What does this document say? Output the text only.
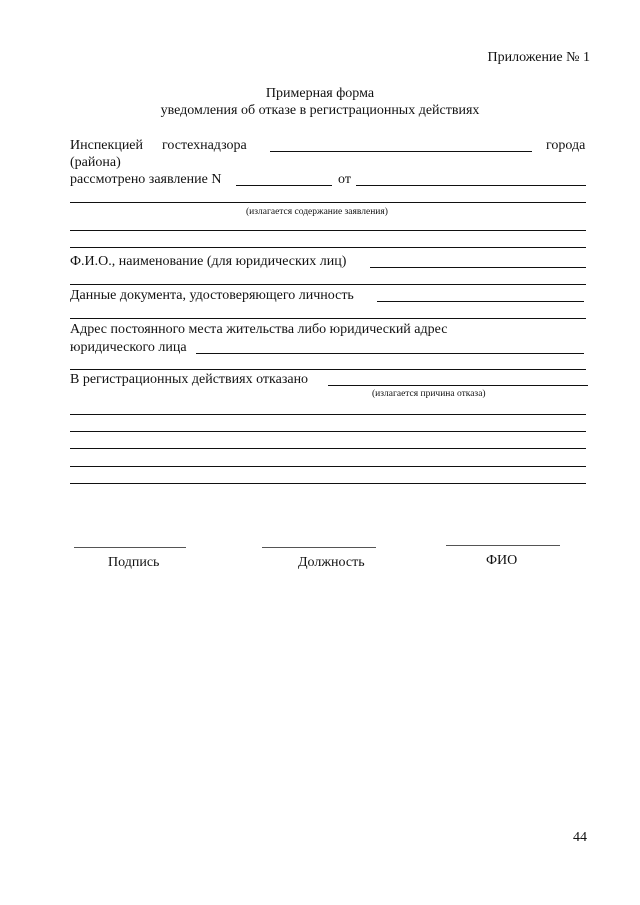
Приложение № 1
Примерная форма
уведомления об отказе в регистрационных действиях
Инспекцией гостехнадзора	города
(района)
рассмотрено заявление N	от
(излагается содержание заявления)
Ф.И.О., наименование (для юридических лиц)
Данные документа, удостоверяющего личность
Адрес постоянного места жительства либо юридический адрес
юридического лица
В регистрационных действиях отказано
(излагается причина отказа)
Подпись	Должность	ФИО
44
